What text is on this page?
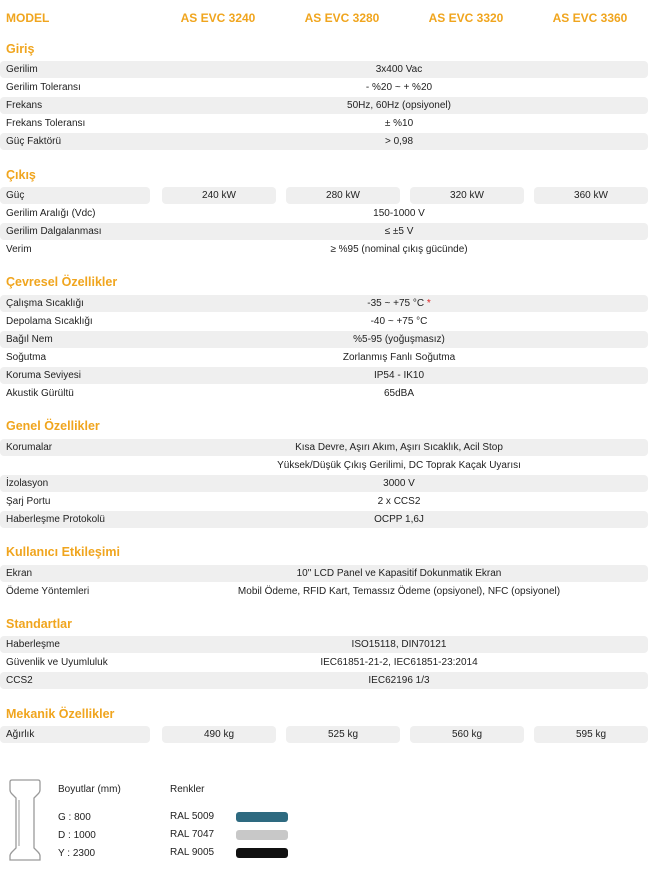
MODEL	AS EVC 3240	AS EVC 3280	AS EVC 3320	AS EVC 3360
Giriş
Gerilim	3x400 Vac
Gerilim Toleransı	- %20 ~ + %20
Frekans	50Hz, 60Hz (opsiyonel)
Frekans Toleransı	± %10
Güç Faktörü	> 0,98
Çıkış
Güç	240 kW	280 kW	320 kW	360 kW
Gerilim Aralığı (Vdc)	150-1000 V
Gerilim Dalgalanması	≤ ±5 V
Verim	≥ %95 (nominal çıkış gücünde)
Çevresel Özellikler
Çalışma Sıcaklığı	-35 ~ +75 °C *
Depolama Sıcaklığı	-40 ~ +75 °C
Bağıl Nem	%5-95 (yoğuşmasız)
Soğutma	Zorlanmış Fanlı Soğutma
Koruma Seviyesi	IP54 - IK10
Akustik Gürültü	65dBA
Genel Özellikler
Korumalar	Kısa Devre, Aşırı Akım, Aşırı Sıcaklık, Acil Stop
Yüksek/Düşük Çıkış Gerilimi, DC Toprak Kaçak Uyarısı
İzolasyon	3000 V
Şarj Portu	2 x CCS2
Haberleşme Protokolü	OCPP 1,6J
Kullanıcı Etkileşimi
Ekran	10" LCD Panel ve Kapasitif Dokunmatik Ekran
Ödeme Yöntemleri	Mobil Ödeme, RFID Kart, Temassız Ödeme (opsiyonel), NFC (opsiyonel)
Standartlar
Haberleşme	ISO15118, DIN70121
Güvenlik ve Uyumluluk	IEC61851-21-2, IEC61851-23:2014
CCS2	IEC62196 1/3
Mekanik Özellikler
Ağırlık	490 kg	525 kg	560 kg	595 kg
Boyutlar (mm)
G : 800
D : 1000
Y : 2300
Renkler
RAL 5009
RAL 7047
RAL 9005
